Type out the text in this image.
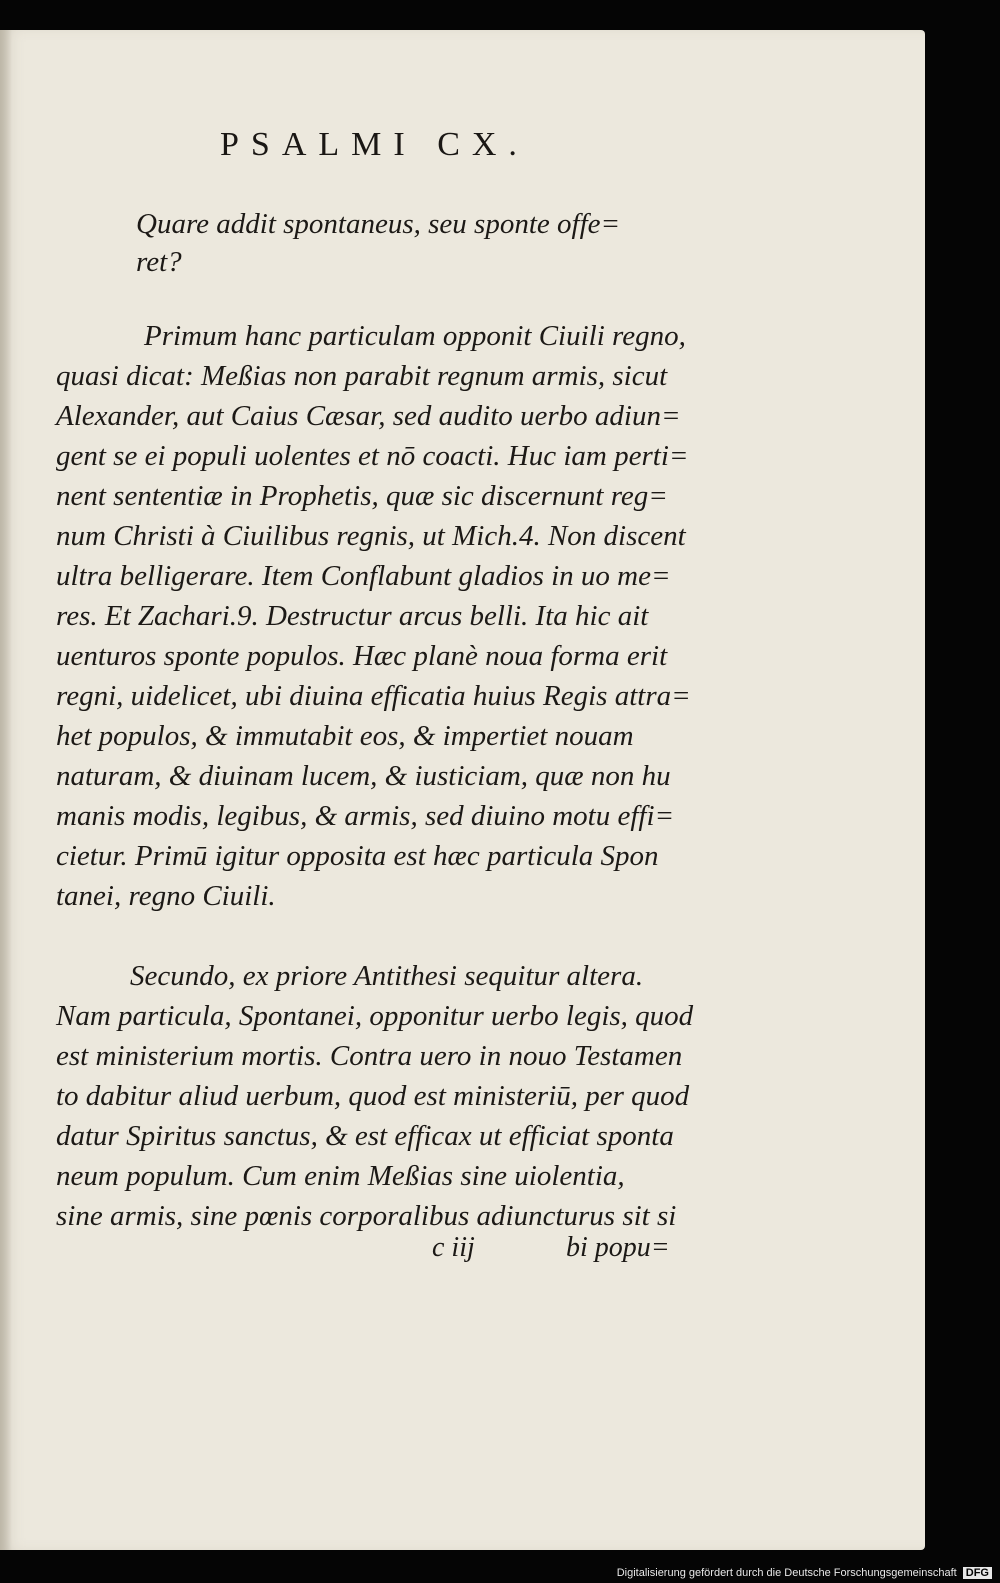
PSALMI CX.
Quare addit spontaneus, seu sponte offe=
ret?
Primum hanc particulam opponit Ciuili regno,
quasi dicat: Meßias non parabit regnum armis, sicut
Alexander, aut Caius Cæsar, sed audito uerbo adiun=
gent se ei populi uolentes et nō coacti. Huc iam perti=
nent sententiæ in Prophetis, quæ sic discernunt reg=
num Christi à Ciuilibus regnis, ut Mich.4. Non discent
ultra belligerare. Item Conflabunt gladios in uo me=
res. Et Zachari.9. Destructur arcus belli. Ita hic ait
uenturos sponte populos. Hæc planè noua forma erit
regni, uidelicet, ubi diuina efficatia huius Regis attra=
het populos, & immutabit eos, & impertiet nouam
naturam, & diuinam lucem, & iusticiam, quæ non hu
manis modis, legibus, & armis, sed diuino motu effi=
cietur. Primū igitur opposita est hæc particula Spon
tanei, regno Ciuili.
Secundo, ex priore Antithesi sequitur altera.
Nam particula, Spontanei, opponitur uerbo legis, quod
est ministerium mortis. Contra uero in nouo Testamen
to dabitur aliud uerbum, quod est ministeriū, per quod
datur Spiritus sanctus, & est efficax ut efficiat sponta
neum populum. Cum enim Meßias sine uiolentia,
sine armis, sine pœnis corporalibus adiuncturus sit si
c iij	bi popu=
Digitalisierung gefördert durch die Deutsche Forschungsgemeinschaft DFG
